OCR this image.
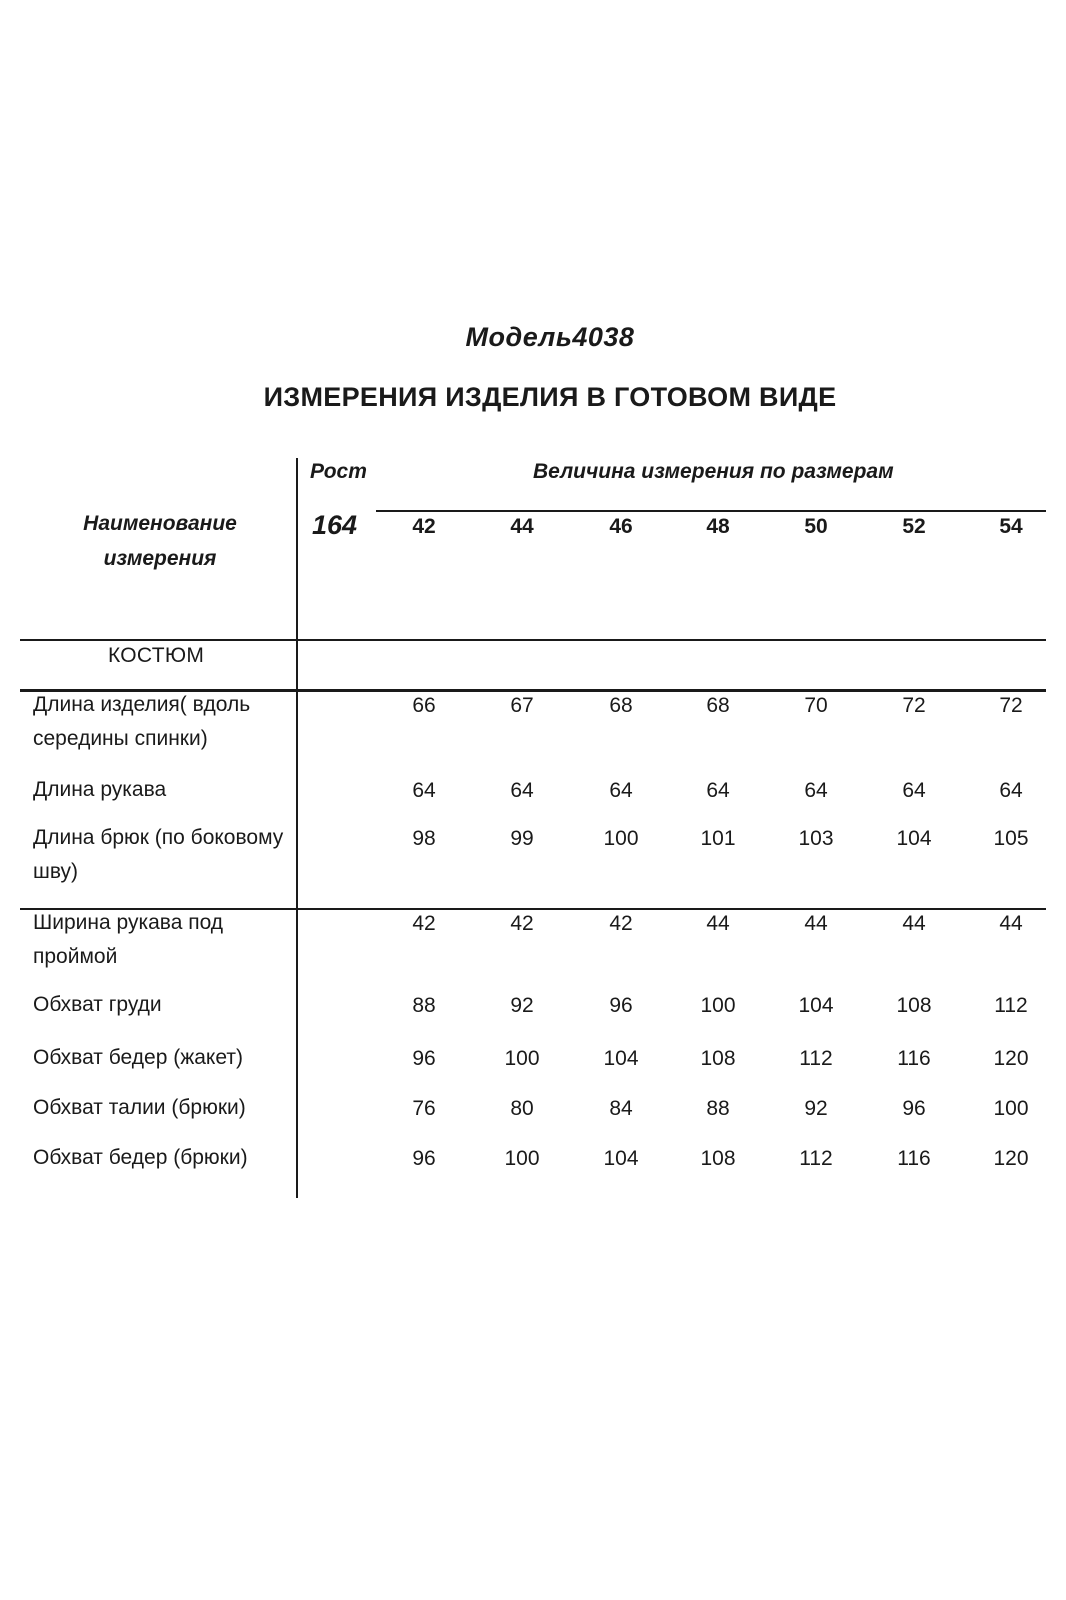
Модель4038
ИЗМЕРЕНИЯ ИЗДЕЛИЯ В ГОТОВОМ ВИДЕ
Наименование измерения
Рост
164
Величина измерения по размерам
42	44	46	48	50	52	54
КОСТЮМ
Длина изделия( вдоль середины спинки)
66	67	68	68	70	72	72
Длина рукава	64	64	64	64	64	64	64
Длина брюк (по боковому шву)
98	99	100	101	103	104	105
Ширина рукава под проймой
42	42	42	44	44	44	44
Обхват груди	88	92	96	100	104	108	112
Обхват бедер (жакет)	96	100	104	108	112	116	120
Обхват талии (брюки)	76	80	84	88	92	96	100
Обхват бедер (брюки)	96	100	104	108	112	116	120
